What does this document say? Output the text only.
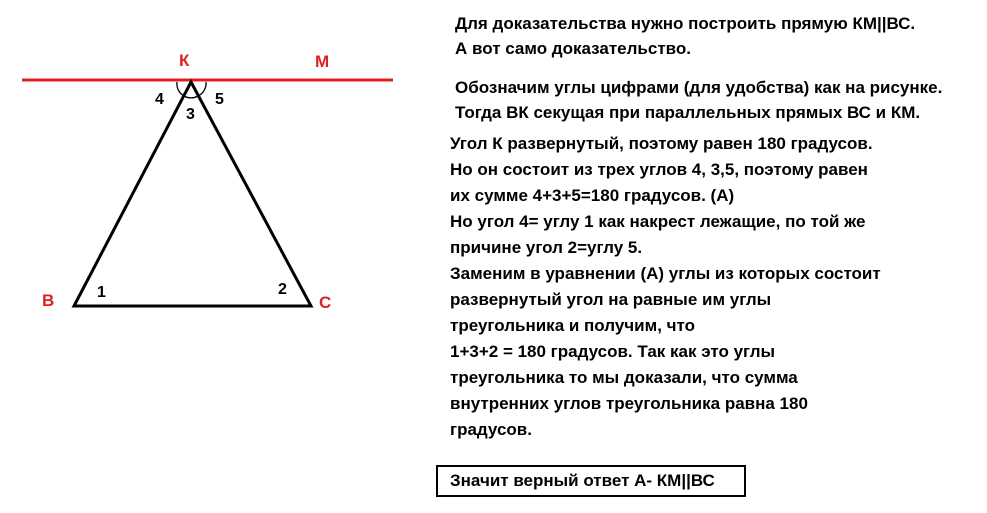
К	М
В	С
4
3
5
1	2
Для доказательства нужно построить прямую КМ||ВС.
А вот само доказательство.
Обозначим углы цифрами (для удобства) как на рисунке.
Тогда ВК секущая при параллельных прямых ВС и КМ.
Угол К развернутый, поэтому равен 180 градусов.
Но он состоит из трех углов 4, 3,5, поэтому равен
их сумме 4+3+5=180 градусов. (А)
Но угол 4= углу 1 как накрест лежащие, по той же
причине угол 2=углу 5.
Заменим в уравнении (А) углы из которых состоит
развернутый угол на равные им углы
треугольника и получим, что
1+3+2 = 180 градусов. Так как это углы
треугольника то мы доказали, что сумма
внутренних углов треугольника равна 180
градусов.
Значит верный ответ А- КМ||ВС
